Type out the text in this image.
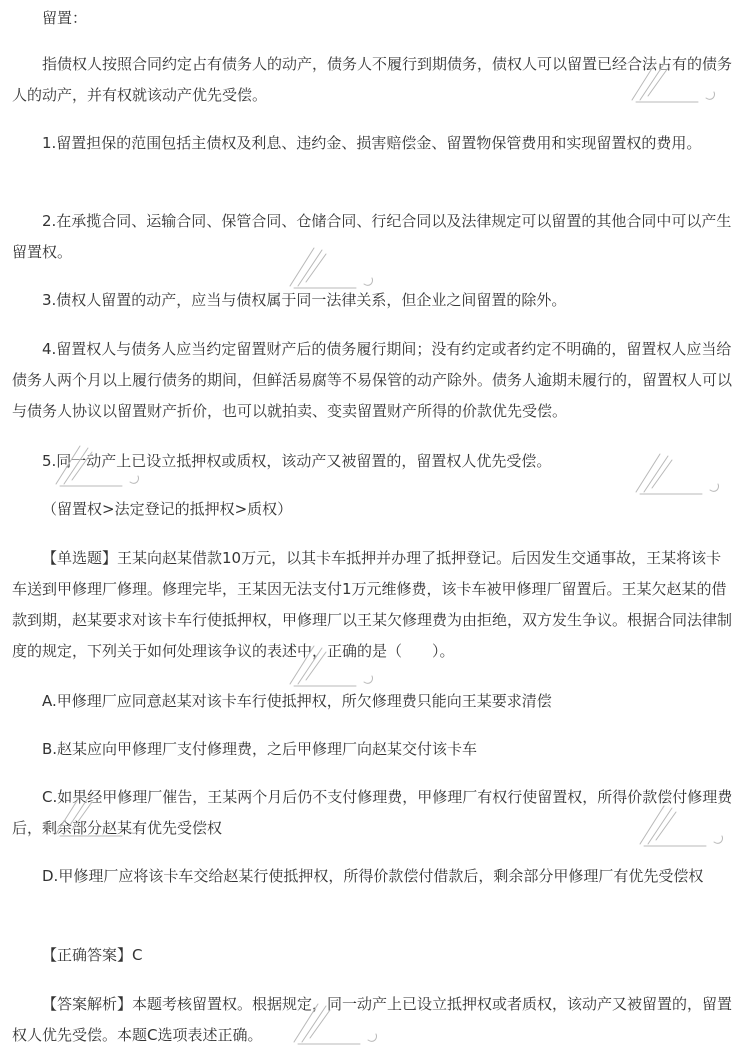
留置：

指债权人按照合同约定占有债务人的动产，债务人不履行到期债务，债权人可以留置已经合法占有的债务人的动产，并有权就该动产优先受偿。

1.留置担保的范围包括主债权及利息、违约金、损害赔偿金、留置物保管费用和实现留置权的费用。

2.在承揽合同、运输合同、保管合同、仓储合同、行纪合同以及法律规定可以留置的其他合同中可以产生留置权。

3.债权人留置的动产，应当与债权属于同一法律关系，但企业之间留置的除外。

4.留置权人与债务人应当约定留置财产后的债务履行期间；没有约定或者约定不明确的，留置权人应当给债务人两个月以上履行债务的期间，但鲜活易腐等不易保管的动产除外。债务人逾期未履行的，留置权人可以与债务人协议以留置财产折价，也可以就拍卖、变卖留置财产所得的价款优先受偿。

5.同一动产上已设立抵押权或质权，该动产又被留置的，留置权人优先受偿。

（留置权>法定登记的抵押权>质权）

【单选题】王某向赵某借款10万元，以其卡车抵押并办理了抵押登记。后因发生交通事故，王某将该卡车送到甲修理厂修理。修理完毕，王某因无法支付1万元维修费，该卡车被甲修理厂留置后。王某欠赵某的借款到期，赵某要求对该卡车行使抵押权，甲修理厂以王某欠修理费为由拒绝，双方发生争议。根据合同法律制度的规定，下列关于如何处理该争议的表述中，正确的是（　　）。

A.甲修理厂应同意赵某对该卡车行使抵押权，所欠修理费只能向王某要求清偿

B.赵某应向甲修理厂支付修理费，之后甲修理厂向赵某交付该卡车

C.如果经甲修理厂催告，王某两个月后仍不支付修理费，甲修理厂有权行使留置权，所得价款偿付修理费后，剩余部分赵某有优先受偿权

D.甲修理厂应将该卡车交给赵某行使抵押权，所得价款偿付借款后，剩余部分甲修理厂有优先受偿权

【正确答案】C

【答案解析】本题考核留置权。根据规定，同一动产上已设立抵押权或者质权，该动产又被留置的，留置权人优先受偿。本题C选项表述正确。
